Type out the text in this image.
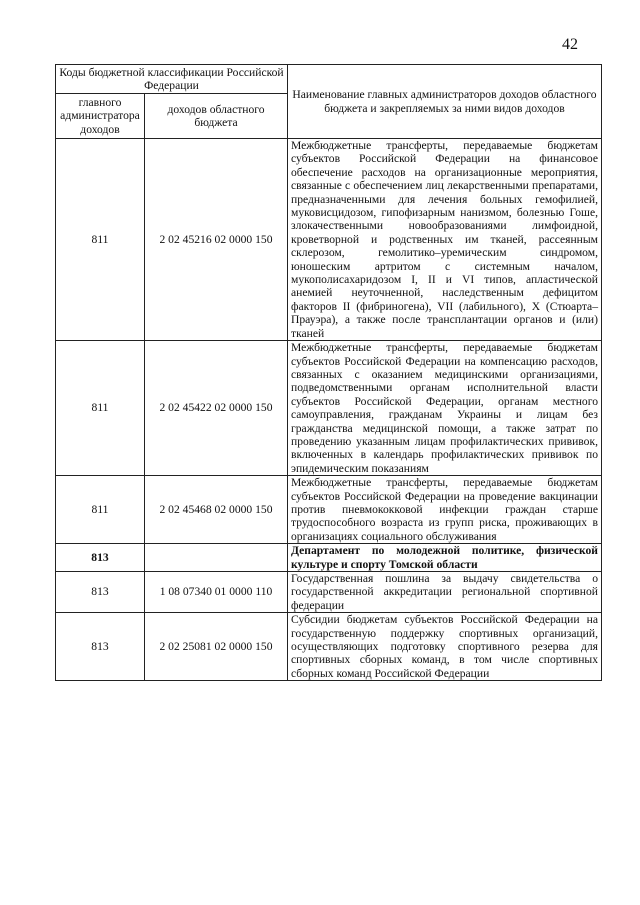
42
Коды бюджетной классификации Российской Федерации		Наименование главных администраторов доходов областного бюджета и закрепляемых за ними видов доходов
главного администратора доходов	доходов областного бюджета	
811	2 02 45216 02 0000 150	Межбюджетные трансферты, передаваемые бюджетам субъектов Российской Федерации на финансовое обеспечение расходов на организационные мероприятия, связанные с обеспечением лиц лекарственными препаратами, предназначенными для лечения больных гемофилией, муковисцидозом, гипофизарным нанизмом, болезнью Гоше, злокачественными новообразованиями лимфоидной, кроветворной и родственных им тканей, рассеянным склерозом, гемолитико–уремическим синдромом, юношеским артритом с системным началом, мукополисахаридозом I, II и VI типов, апластической анемией неуточненной, наследственным дефицитом факторов II (фибриногена), VII (лабильного), X (Стюарта–Прауэра), а также после трансплантации органов и (или) тканей
811	2 02 45422 02 0000 150	Межбюджетные трансферты, передаваемые бюджетам субъектов Российской Федерации на компенсацию расходов, связанных с оказанием медицинскими организациями, подведомственными органам исполнительной власти субъектов Российской Федерации, органам местного самоуправления, гражданам Украины и лицам без гражданства медицинской помощи, а также затрат по проведению указанным лицам профилактических прививок, включенных в календарь профилактических прививок по эпидемическим показаниям
811	2 02 45468 02 0000 150	Межбюджетные трансферты, передаваемые бюджетам субъектов Российской Федерации на проведение вакцинации против пневмококковой инфекции граждан старше трудоспособного возраста из групп риска, проживающих в организациях социального обслуживания
813		Департамент по молодежной политике, физической культуре и спорту Томской области
813	1 08 07340 01 0000 110	Государственная пошлина за выдачу свидетельства о государственной аккредитации региональной спортивной федерации
813	2 02 25081 02 0000 150	Субсидии бюджетам субъектов Российской Федерации на государственную поддержку спортивных организаций, осуществляющих подготовку спортивного резерва для спортивных сборных команд, в том числе спортивных сборных команд Российской Федерации
